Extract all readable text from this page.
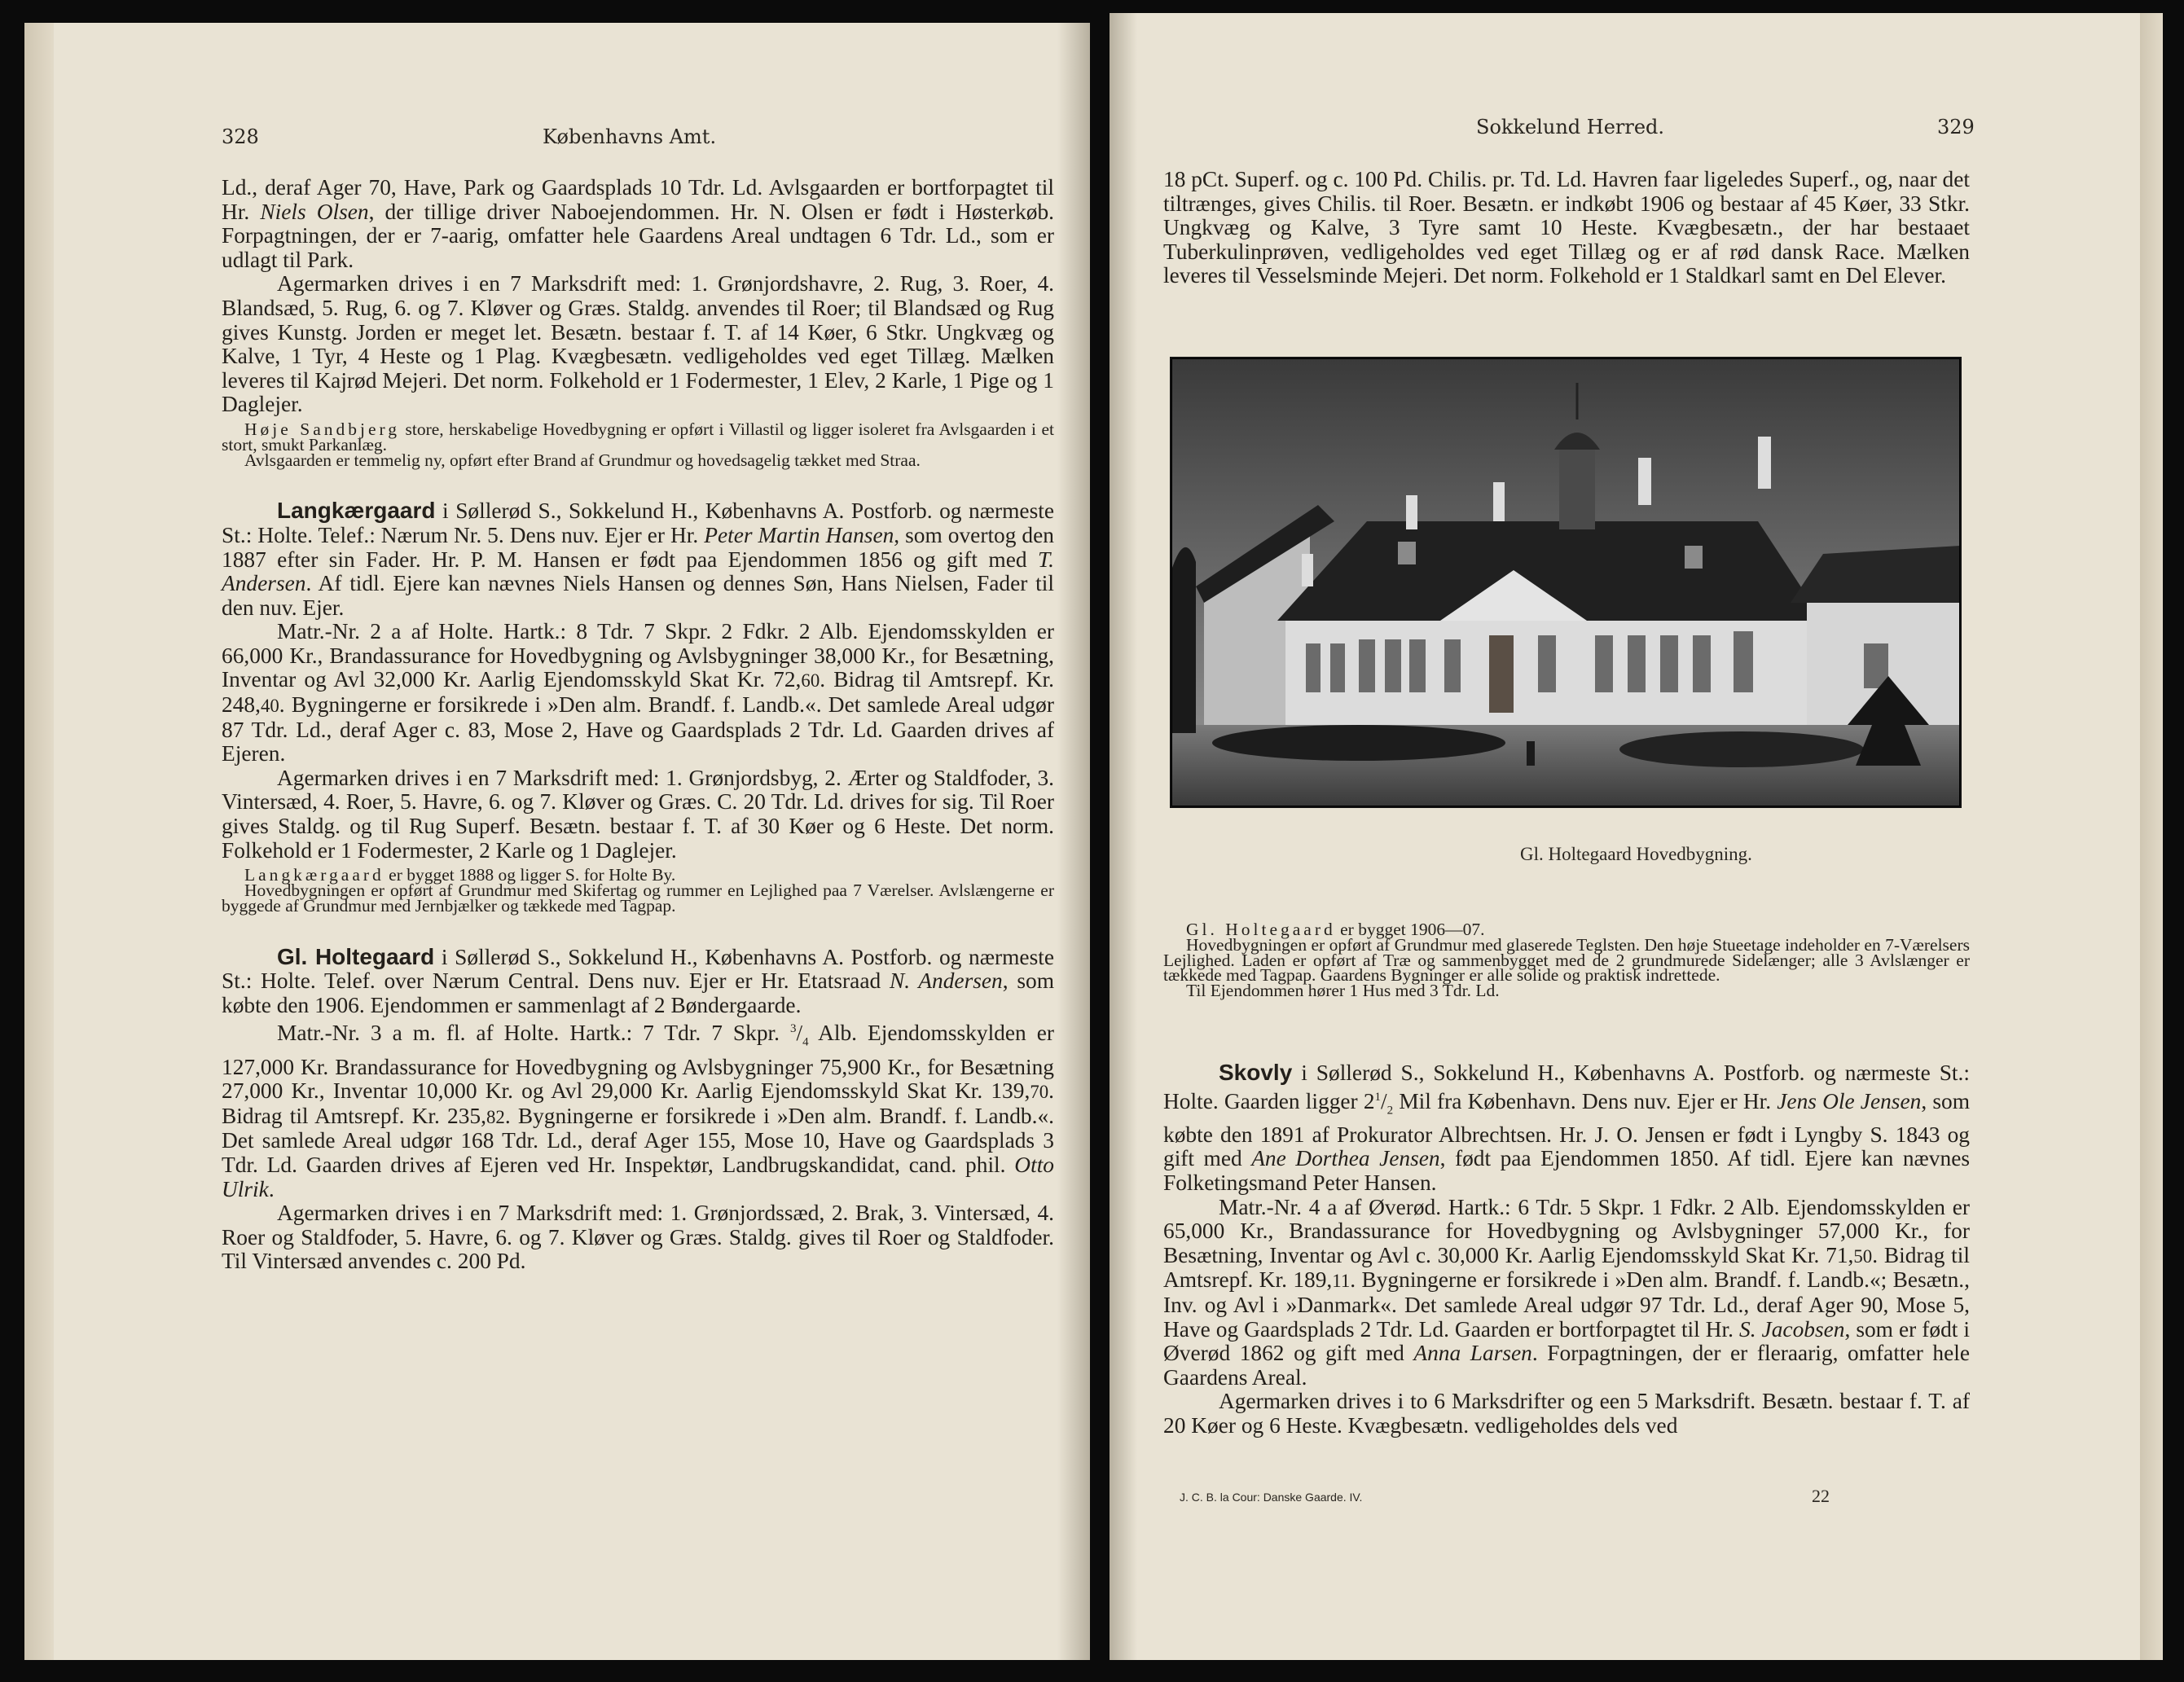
328	Københavns Amt.

Ld., deraf Ager 70, Have, Park og Gaardsplads 10 Tdr. Ld. Avlsgaarden er bortforpagtet til Hr. Niels Olsen, der tillige driver Naboejendommen. Hr. N. Olsen er født i Høsterkøb. Forpagtningen, der er 7-aarig, omfatter hele Gaardens Areal undtagen 6 Tdr. Ld., som er udlagt til Park.

Agermarken drives i en 7 Marksdrift med: 1. Grønjordshavre, 2. Rug, 3. Roer, 4. Blandsæd, 5. Rug, 6. og 7. Kløver og Græs. Staldg. anvendes til Roer; til Blandsæd og Rug gives Kunstg. Jorden er meget let. Besætn. bestaar f. T. af 14 Køer, 6 Stkr. Ungkvæg og Kalve, 1 Tyr, 4 Heste og 1 Plag. Kvægbesætn. vedligeholdes ved eget Tillæg. Mælken leveres til Kajrød Mejeri. Det norm. Folkehold er 1 Fodermester, 1 Elev, 2 Karle, 1 Pige og 1 Daglejer.

Høje Sandbjerg store, herskabelige Hovedbygning er opført i Villastil og ligger isoleret fra Avlsgaarden i et stort, smukt Parkanlæg.

Avlsgaarden er temmelig ny, opført efter Brand af Grundmur og hovedsagelig tækket med Straa.

Langkærgaard i Søllerød S., Sokkelund H., Københavns A. Postforb. og nærmeste St.: Holte. Telef.: Nærum Nr. 5. Dens nuv. Ejer er Hr. Peter Martin Hansen, som overtog den 1887 efter sin Fader. Hr. P. M. Hansen er født paa Ejendommen 1856 og gift med T. Andersen. Af tidl. Ejere kan nævnes Niels Hansen og dennes Søn, Hans Nielsen, Fader til den nuv. Ejer.

Matr.-Nr. 2 a af Holte. Hartk.: 8 Tdr. 7 Skpr. 2 Fdkr. 2 Alb. Ejendomsskylden er 66,000 Kr., Brandassurance for Hovedbygning og Avlsbygninger 38,000 Kr., for Besætning, Inventar og Avl 32,000 Kr. Aarlig Ejendomsskyld Skat Kr. 72,60. Bidrag til Amtsrepf. Kr. 248,40. Bygningerne er forsikrede i »Den alm. Brandf. f. Landb.«. Det samlede Areal udgør 87 Tdr. Ld., deraf Ager c. 83, Mose 2, Have og Gaardsplads 2 Tdr. Ld. Gaarden drives af Ejeren.

Agermarken drives i en 7 Marksdrift med: 1. Grønjordsbyg, 2. Ærter og Staldfoder, 3. Vintersæd, 4. Roer, 5. Havre, 6. og 7. Kløver og Græs. C. 20 Tdr. Ld. drives for sig. Til Roer gives Staldg. og til Rug Superf. Besætn. bestaar f. T. af 30 Køer og 6 Heste. Det norm. Folkehold er 1 Fodermester, 2 Karle og 1 Daglejer.

Langkærgaard er bygget 1888 og ligger S. for Holte By.

Hovedbygningen er opført af Grundmur med Skifertag og rummer en Lejlighed paa 7 Værelser. Avlslængerne er byggede af Grundmur med Jernbjælker og tækkede med Tagpap.

Gl. Holtegaard i Søllerød S., Sokkelund H., Københavns A. Postforb. og nærmeste St.: Holte. Telef. over Nærum Central. Dens nuv. Ejer er Hr. Etatsraad N. Andersen, som købte den 1906. Ejendommen er sammenlagt af 2 Bøndergaarde.

Matr.-Nr. 3 a m. fl. af Holte. Hartk.: 7 Tdr. 7 Skpr. $^3/_4$ Alb. Ejendomsskylden er 127,000 Kr. Brandassurance for Hovedbygning og Avlsbygninger 75,900 Kr., for Besætning 27,000 Kr., Inventar 10,000 Kr. og Avl 29,000 Kr. Aarlig Ejendomsskyld Skat Kr. 139,70. Bidrag til Amtsrepf. Kr. 235,82. Bygningerne er forsikrede i »Den alm. Brandf. f. Landb.«. Det samlede Areal udgør 168 Tdr. Ld., deraf Ager 155, Mose 10, Have og Gaardsplads 3 Tdr. Ld. Gaarden drives af Ejeren ved Hr. Inspektør, Landbrugskandidat, cand. phil. Otto Ulrik.

Agermarken drives i en 7 Marksdrift med: 1. Grønjordssæd, 2. Brak, 3. Vintersæd, 4. Roer og Staldfoder, 5. Havre, 6. og 7. Kløver og Græs. Staldg. gives til Roer og Staldfoder. Til Vintersæd anvendes c. 200 Pd.

Sokkelund Herred.	329

18 pCt. Superf. og c. 100 Pd. Chilis. pr. Td. Ld. Havren faar ligeledes Superf., og, naar det tiltrænges, gives Chilis. til Roer. Besætn. er indkøbt 1906 og bestaar af 45 Køer, 33 Stkr. Ungkvæg og Kalve, 3 Tyre samt 10 Heste. Kvægbesætn., der har bestaaet Tuberkulinprøven, vedligeholdes ved eget Tillæg og er af rød dansk Race. Mælken leveres til Vesselsminde Mejeri. Det norm. Folkehold er 1 Staldkarl samt en Del Elever.

Gl. Holtegaard Hovedbygning.

Gl. Holtegaard er bygget 1906—07.

Hovedbygningen er opført af Grundmur med glaserede Teglsten. Den høje Stueetage indeholder en 7-Værelsers Lejlighed. Laden er opført af Træ og sammenbygget med de 2 grundmurede Sidelænger; alle 3 Avlslænger er tækkede med Tagpap. Gaardens Bygninger er alle solide og praktisk indrettede.

Til Ejendommen hører 1 Hus med 3 Tdr. Ld.

Skovly i Søllerød S., Sokkelund H., Københavns A. Postforb. og nærmeste St.: Holte. Gaarden ligger $2^1/_2$ Mil fra København. Dens nuv. Ejer er Hr. Jens Ole Jensen, som købte den 1891 af Prokurator Albrechtsen. Hr. J. O. Jensen er født i Lyngby S. 1843 og gift med Ane Dorthea Jensen, født paa Ejendommen 1850. Af tidl. Ejere kan nævnes Folketingsmand Peter Hansen.

Matr.-Nr. 4 a af Øverød. Hartk.: 6 Tdr. 5 Skpr. 1 Fdkr. 2 Alb. Ejendomsskylden er 65,000 Kr., Brandassurance for Hovedbygning og Avlsbygninger 57,000 Kr., for Besætning, Inventar og Avl c. 30,000 Kr. Aarlig Ejendomsskyld Skat Kr. 71,50. Bidrag til Amtsrepf. Kr. 189,11. Bygningerne er forsikrede i »Den alm. Brandf. f. Landb.«; Besætn., Inv. og Avl i »Danmark«. Det samlede Areal udgør 97 Tdr. Ld., deraf Ager 90, Mose 5, Have og Gaardsplads 2 Tdr. Ld. Gaarden er bortforpagtet til Hr. S. Jacobsen, som er født i Øverød 1862 og gift med Anna Larsen. Forpagtningen, der er fleraarig, omfatter hele Gaardens Areal.

Agermarken drives i to 6 Marksdrifter og een 5 Marksdrift. Besætn. bestaar f. T. af 20 Køer og 6 Heste. Kvægbesætn. vedligeholdes dels ved

J. C. B. la Cour: Danske Gaarde. IV.	22
